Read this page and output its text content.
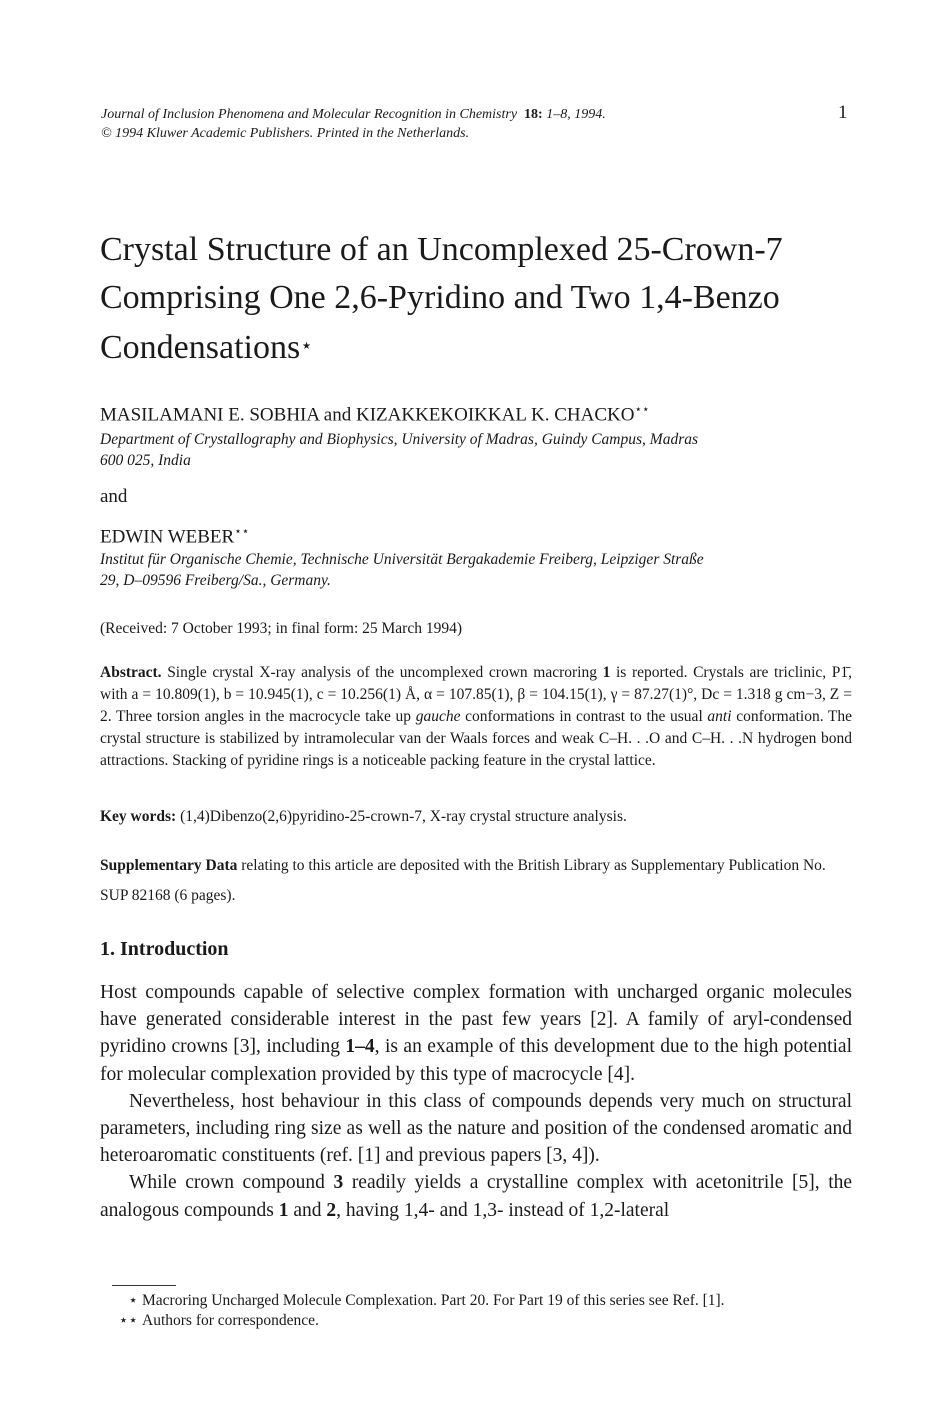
Journal of Inclusion Phenomena and Molecular Recognition in Chemistry 18: 1–8, 1994.
© 1994 Kluwer Academic Publishers. Printed in the Netherlands.
1
Crystal Structure of an Uncomplexed 25-Crown-7
Comprising One 2,6-Pyridino and Two 1,4-Benzo
Condensations⋆
MASILAMANI E. SOBHIA and KIZAKKEKOIKKAL K. CHACKO⋆⋆
Department of Crystallography and Biophysics, University of Madras, Guindy Campus, Madras
600 025, India
and
EDWIN WEBER⋆⋆
Institut für Organische Chemie, Technische Universität Bergakademie Freiberg, Leipziger Straße
29, D–09596 Freiberg/Sa., Germany.
(Received: 7 October 1993; in final form: 25 March 1994)
Abstract. Single crystal X-ray analysis of the uncomplexed crown macroring 1 is reported. Crystals are triclinic, P1̄, with a = 10.809(1), b = 10.945(1), c = 10.256(1) Å, α = 107.85(1), β = 104.15(1), γ = 87.27(1)°, Dc = 1.318 g cm−3, Z = 2. Three torsion angles in the macrocycle take up gauche conformations in contrast to the usual anti conformation. The crystal structure is stabilized by intramolecular van der Waals forces and weak C–H. . .O and C–H. . .N hydrogen bond attractions. Stacking of pyridine rings is a noticeable packing feature in the crystal lattice.
Key words: (1,4)Dibenzo(2,6)pyridino-25-crown-7, X-ray crystal structure analysis.
Supplementary Data relating to this article are deposited with the British Library as Supplementary Publication No. SUP 82168 (6 pages).
1. Introduction

Host compounds capable of selective complex formation with uncharged organic molecules have generated considerable interest in the past few years [2]. A family of aryl-condensed pyridino crowns [3], including 1–4, is an example of this development due to the high potential for molecular complexation provided by this type of macrocycle [4].

Nevertheless, host behaviour in this class of compounds depends very much on structural parameters, including ring size as well as the nature and position of the condensed aromatic and heteroaromatic constituents (ref. [1] and previous papers [3, 4]).

While crown compound 3 readily yields a crystalline complex with acetonitrile [5], the analogous compounds 1 and 2, having 1,4- and 1,3- instead of 1,2-lateral

⋆ Macroring Uncharged Molecule Complexation. Part 20. For Part 19 of this series see Ref. [1].
⋆⋆ Authors for correspondence.
